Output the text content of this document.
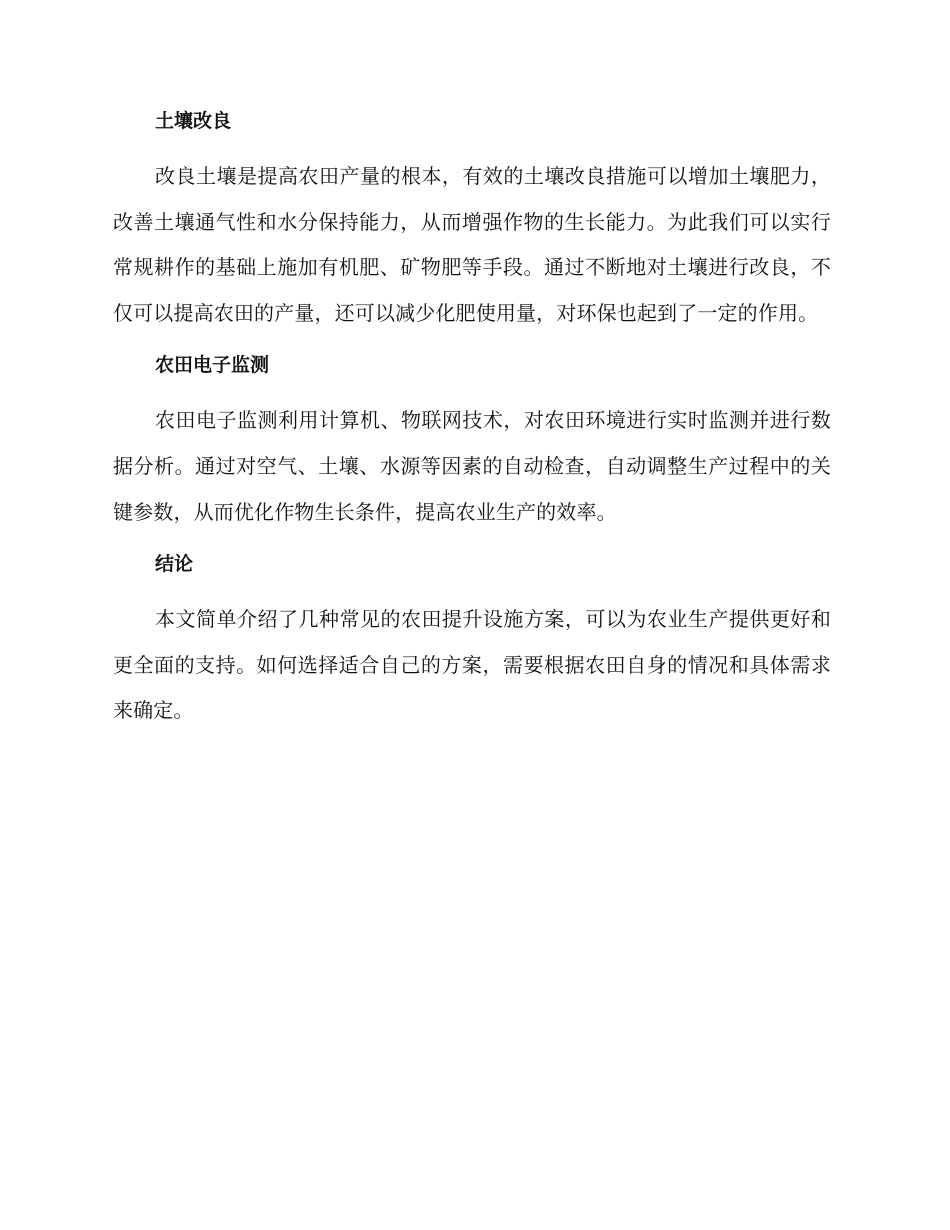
土壤改良

改良土壤是提高农田产量的根本，有效的土壤改良措施可以增加土壤肥力，改善土壤通气性和水分保持能力，从而增强作物的生长能力。为此我们可以实行常规耕作的基础上施加有机肥、矿物肥等手段。通过不断地对土壤进行改良，不仅可以提高农田的产量，还可以减少化肥使用量，对环保也起到了一定的作用。

农田电子监测

农田电子监测利用计算机、物联网技术，对农田环境进行实时监测并进行数据分析。通过对空气、土壤、水源等因素的自动检查，自动调整生产过程中的关键参数，从而优化作物生长条件，提高农业生产的效率。

结论

本文简单介绍了几种常见的农田提升设施方案，可以为农业生产提供更好和更全面的支持。如何选择适合自己的方案，需要根据农田自身的情况和具体需求来确定。
